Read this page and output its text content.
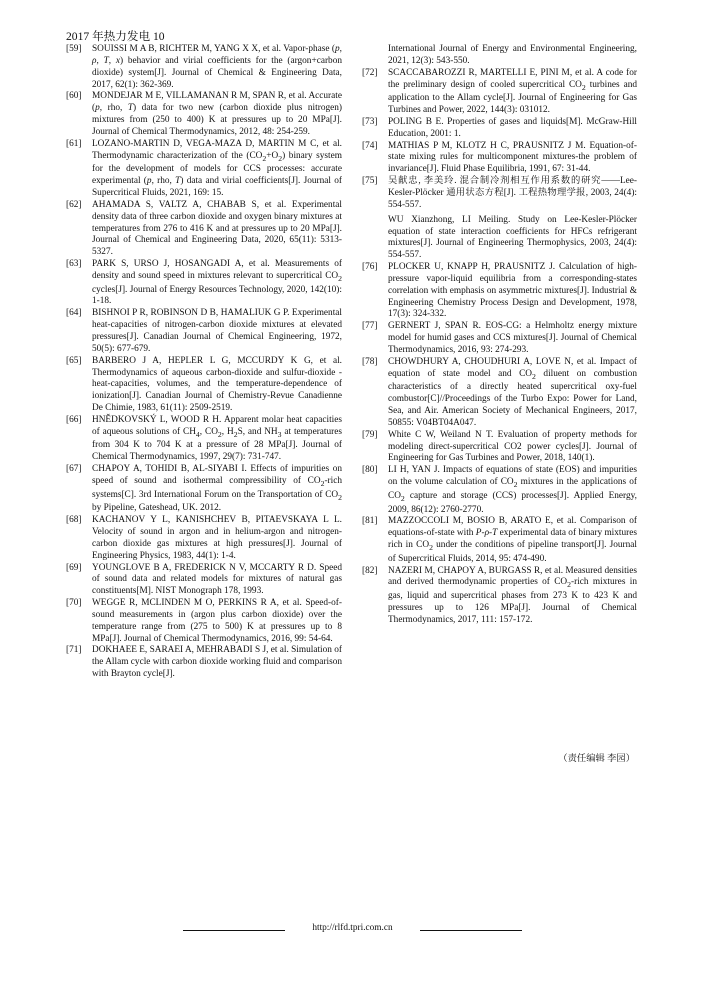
2017 年热力发电 10
[59] SOUISSI M A B, RICHTER M, YANG X X, et al. Vapor-phase (p, ρ, T, x) behavior and virial coefficients for the (argon+carbon dioxide) system[J]. Journal of Chemical & Engineering Data, 2017, 62(1): 362-369.
[60] MONDEJAR M E, VILLAMANAN R M, SPAN R, et al. Accurate (p, rho, T) data for two new (carbon dioxide plus nitrogen) mixtures from (250 to 400) K at pressures up to 20 MPa[J]. Journal of Chemical Thermodynamics, 2012, 48: 254-259.
[61] LOZANO-MARTIN D, VEGA-MAZA D, MARTIN M C, et al. Thermodynamic characterization of the $(CO_2+O_2)$ binary system for the development of models for CCS processes: accurate experimental (p, rho, T) data and virial coefficients[J]. Journal of Supercritical Fluids, 2021, 169: 15.
[62] AHAMADA S, VALTZ A, CHABAB S, et al. Experimental density data of three carbon dioxide and oxygen binary mixtures at temperatures from 276 to 416 K and at pressures up to 20 MPa[J]. Journal of Chemical and Engineering Data, 2020, 65(11): 5313-5327.
[63] PARK S, URSO J, HOSANGADI A, et al. Measurements of density and sound speed in mixtures relevant to supercritical $CO_2$ cycles[J]. Journal of Energy Resources Technology, 2020, 142(10): 1-18.
[64] BISHNOI P R, ROBINSON D B, HAMALIUK G P. Experimental heat-capacities of nitrogen-carbon dioxide mixtures at elevated pressures[J]. Canadian Journal of Chemical Engineering, 1972, 50(5): 677-679.
[65] BARBERO J A, HEPLER L G, MCCURDY K G, et al. Thermodynamics of aqueous carbon-dioxide and sulfur-dioxide - heat-capacities, volumes, and the temperature-dependence of ionization[J]. Canadian Journal of Chemistry-Revue Canadienne De Chimie, 1983, 61(11): 2509-2519.
[66] HNĚDKOVSKÝ L, WOOD R H. Apparent molar heat capacities of aqueous solutions of $CH_4$, $CO_2$, $H_2S$, and $NH_3$ at temperatures from 304 K to 704 K at a pressure of 28 MPa[J]. Journal of Chemical Thermodynamics, 1997, 29(7): 731-747.
[67] CHAPOY A, TOHIDI B, AL-SIYABI I. Effects of impurities on speed of sound and isothermal compressibility of $CO_2$-rich systems[C]. 3rd International Forum on the Transportation of $CO_2$ by Pipeline, Gateshead, UK. 2012.
[68] KACHANOV Y L, KANISHCHEV B, PITAEVSKAYA L L. Velocity of sound in argon and in helium-argon and nitrogen-carbon dioxide gas mixtures at high pressures[J]. Journal of Engineering Physics, 1983, 44(1): 1-4.
[69] YOUNGLOVE B A, FREDERICK N V, MCCARTY R D. Speed of sound data and related models for mixtures of natural gas constituents[M]. NIST Monograph 178, 1993.
[70] WEGGE R, MCLINDEN M O, PERKINS R A, et al. Speed-of-sound measurements in (argon plus carbon dioxide) over the temperature range from (275 to 500) K at pressures up to 8 MPa[J]. Journal of Chemical Thermodynamics, 2016, 99: 54-64.
[71] DOKHAEE E, SARAEI A, MEHRABADI S J, et al. Simulation of the Allam cycle with carbon dioxide working fluid and comparison with Brayton cycle[J].
International Journal of Energy and Environmental Engineering, 2021, 12(3): 543-550.
[72] SCACCABAROZZI R, MARTELLI E, PINI M, et al. A code for the preliminary design of cooled supercritical $CO_2$ turbines and application to the Allam cycle[J]. Journal of Engineering for Gas Turbines and Power, 2022, 144(3): 031012.
[73] POLING B E. Properties of gases and liquids[M]. McGraw-Hill Education, 2001: 1.
[74] MATHIAS P M, KLOTZ H C, PRAUSNITZ J M. Equation-of-state mixing rules for multicomponent mixtures-the problem of invariance[J]. Fluid Phase Equilibria, 1991, 67: 31-44.
[75] 吴献忠, 李美玲. 混合制冷剂相互作用系数的研究——Lee-Kesler-Plöcker 通用状态方程[J]. 工程热物理学报, 2003, 24(4): 554-557.
WU Xianzhong, LI Meiling. Study on Lee-Kesler-Plöcker equation of state interaction coefficients for HFCs refrigerant mixtures[J]. Journal of Engineering Thermophysics, 2003, 24(4): 554-557.
[76] PLOCKER U, KNAPP H, PRAUSNITZ J. Calculation of high-pressure vapor-liquid equilibria from a corresponding-states correlation with emphasis on asymmetric mixtures[J]. Industrial & Engineering Chemistry Process Design and Development, 1978, 17(3): 324-332.
[77] GERNERT J, SPAN R. EOS-CG: a Helmholtz energy mixture model for humid gases and CCS mixtures[J]. Journal of Chemical Thermodynamics, 2016, 93: 274-293.
[78] CHOWDHURY A, CHOUDHURI A, LOVE N, et al. Impact of equation of state model and $CO_2$ diluent on combustion characteristics of a directly heated supercritical oxy-fuel combustor[C]//Proceedings of the Turbo Expo: Power for Land, Sea, and Air. American Society of Mechanical Engineers, 2017, 50855: V04BT04A047.
[79] White C W, Weiland N T. Evaluation of property methods for modeling direct-supercritical CO2 power cycles[J]. Journal of Engineering for Gas Turbines and Power, 2018, 140(1).
[80] LI H, YAN J. Impacts of equations of state (EOS) and impurities on the volume calculation of $CO_2$ mixtures in the applications of $CO_2$ capture and storage (CCS) processes[J]. Applied Energy, 2009, 86(12): 2760-2770.
[81] MAZZOCCOLI M, BOSIO B, ARATO E, et al. Comparison of equations-of-state with P-ρ-T experimental data of binary mixtures rich in $CO_2$ under the conditions of pipeline transport[J]. Journal of Supercritical Fluids, 2014, 95: 474-490.
[82] NAZERI M, CHAPOY A, BURGASS R, et al. Measured densities and derived thermodynamic properties of $CO_2$-rich mixtures in gas, liquid and supercritical phases from 273 K to 423 K and pressures up to 126 MPa[J]. Journal of Chemical Thermodynamics, 2017, 111: 157-172.
（责任编辑 李园）
http://rlfd.tpri.com.cn
